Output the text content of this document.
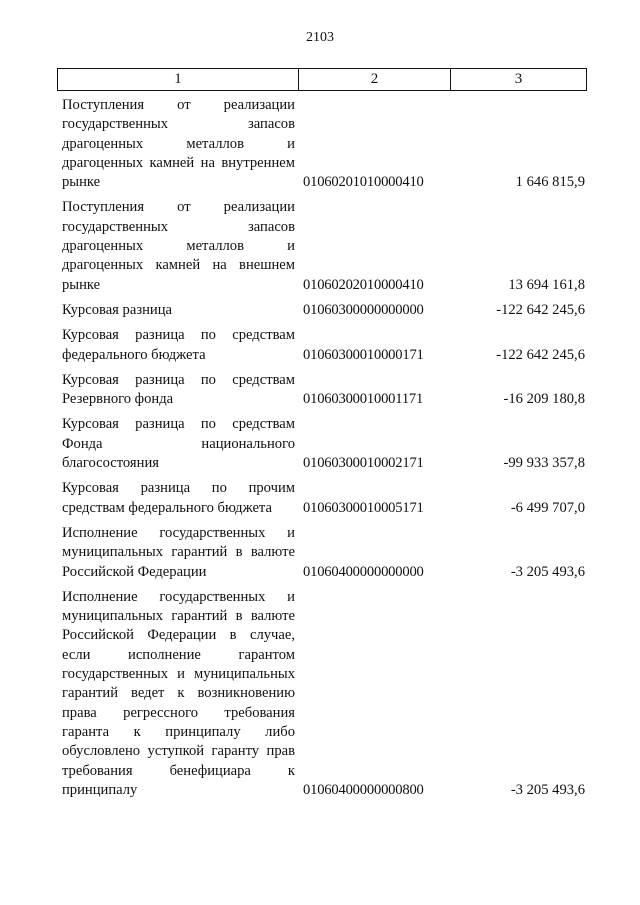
2103
1	2	3
Поступления от реализации государственных запасов драгоценных металлов и драгоценных камней на внутреннем рынке	01060201010000410	1 646 815,9
Поступления от реализации государственных запасов драгоценных металлов и драгоценных камней на внешнем рынке	01060202010000410	13 694 161,8
Курсовая разница	01060300000000000	-122 642 245,6
Курсовая разница по средствам федерального бюджета	01060300010000171	-122 642 245,6
Курсовая разница по средствам Резервного фонда	01060300010001171	-16 209 180,8
Курсовая разница по средствам Фонда национального благосостояния	01060300010002171	-99 933 357,8
Курсовая разница по прочим средствам федерального бюджета	01060300010005171	-6 499 707,0
Исполнение государственных и муниципальных гарантий в валюте Российской Федерации	01060400000000000	-3 205 493,6
Исполнение государственных и муниципальных гарантий в валюте Российской Федерации в случае, если исполнение гарантом государственных и муниципальных гарантий ведет к возникновению права регрессного требования гаранта к принципалу либо обусловлено уступкой гаранту прав требования бенефициара к принципалу	01060400000000800	-3 205 493,6
